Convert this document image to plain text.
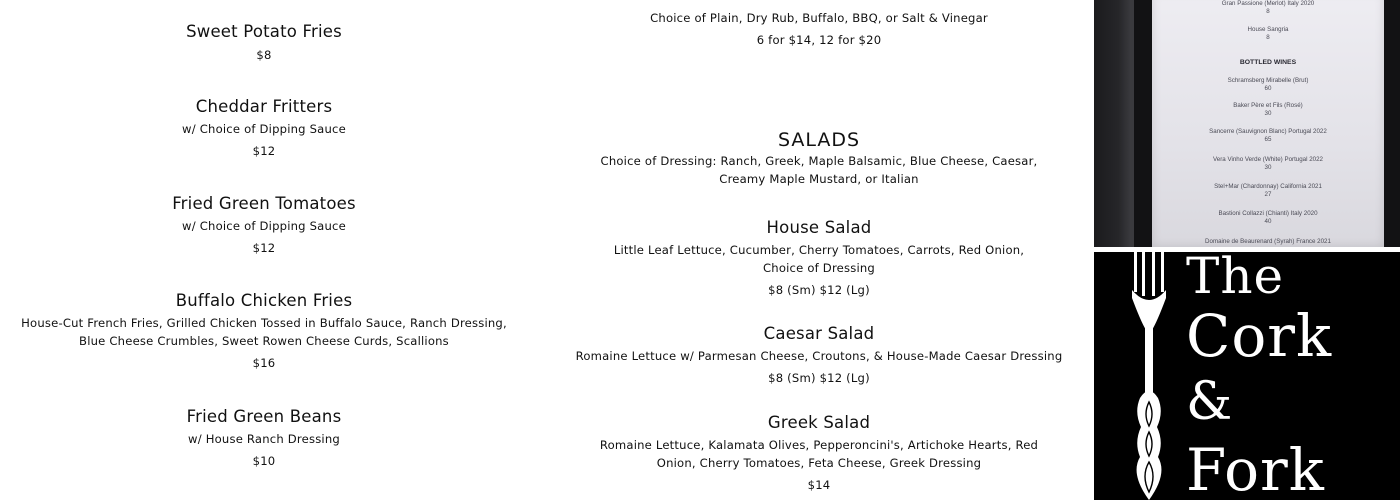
Sweet Potato Fries
$8
Cheddar Fritters
w/ Choice of Dipping Sauce
$12
Fried Green Tomatoes
w/ Choice of Dipping Sauce
$12
Buffalo Chicken Fries
House-Cut French Fries, Grilled Chicken Tossed in Buffalo Sauce, Ranch Dressing, Blue Cheese Crumbles, Sweet Rowen Cheese Curds, Scallions
$16
Fried Green Beans
w/ House Ranch Dressing
$10
Choice of Plain, Dry Rub, Buffalo, BBQ, or Salt & Vinegar
6 for $14, 12 for $20
SALADS
Choice of Dressing: Ranch, Greek, Maple Balsamic, Blue Cheese, Caesar, Creamy Maple Mustard, or Italian
House Salad
Little Leaf Lettuce, Cucumber, Cherry Tomatoes, Carrots, Red Onion, Choice of Dressing
$8 (Sm) $12 (Lg)
Caesar Salad
Romaine Lettuce w/ Parmesan Cheese, Croutons, & House-Made Caesar Dressing
$8 (Sm) $12 (Lg)
Greek Salad
Romaine Lettuce, Kalamata Olives, Pepperoncini's, Artichoke Hearts, Red Onion, Cherry Tomatoes, Feta Cheese, Greek Dressing
$14
Gran Passione (Merlot) Italy 2020
8
House Sangria
8
BOTTLED WINES
Schramsberg Mirabelle (Brut)
60
Baker Père et Fils (Rosé)
30
Sancerre (Sauvignon Blanc) Portugal 2022
65
Vera Vinho Verde (White) Portugal 2022
30
Stel+Mar (Chardonnay) California 2021
27
Bastioni Collazzi (Chianti) Italy 2020
40
Domaine de Beaurenard (Syrah) France 2021
The
Cork
&
Fork
